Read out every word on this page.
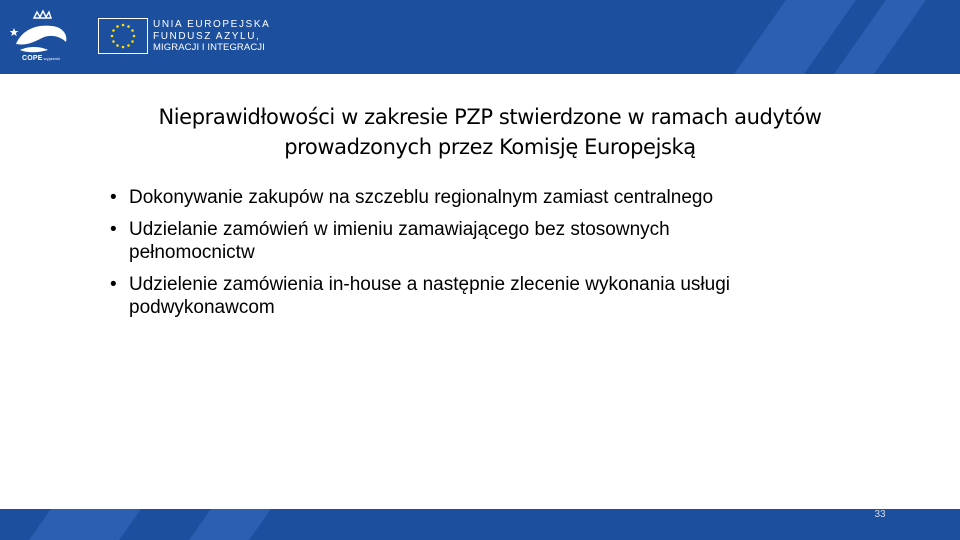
COPEwyjaśnić
UNIA EUROPEJSKA
FUNDUSZ AZYLU,
MIGRACJI I INTEGRACJI
Nieprawidłowości w zakresie PZP stwierdzone w ramach audytów
prowadzonych przez Komisję Europejską
• Dokonywanie zakupów na szczeblu regionalnym zamiast centralnego
• Udzielanie zamówień w imieniu zamawiającego bez stosownych
pełnomocnictw
• Udzielenie zamówienia in-house a następnie zlecenie wykonania usługi
podwykonawcom
33
